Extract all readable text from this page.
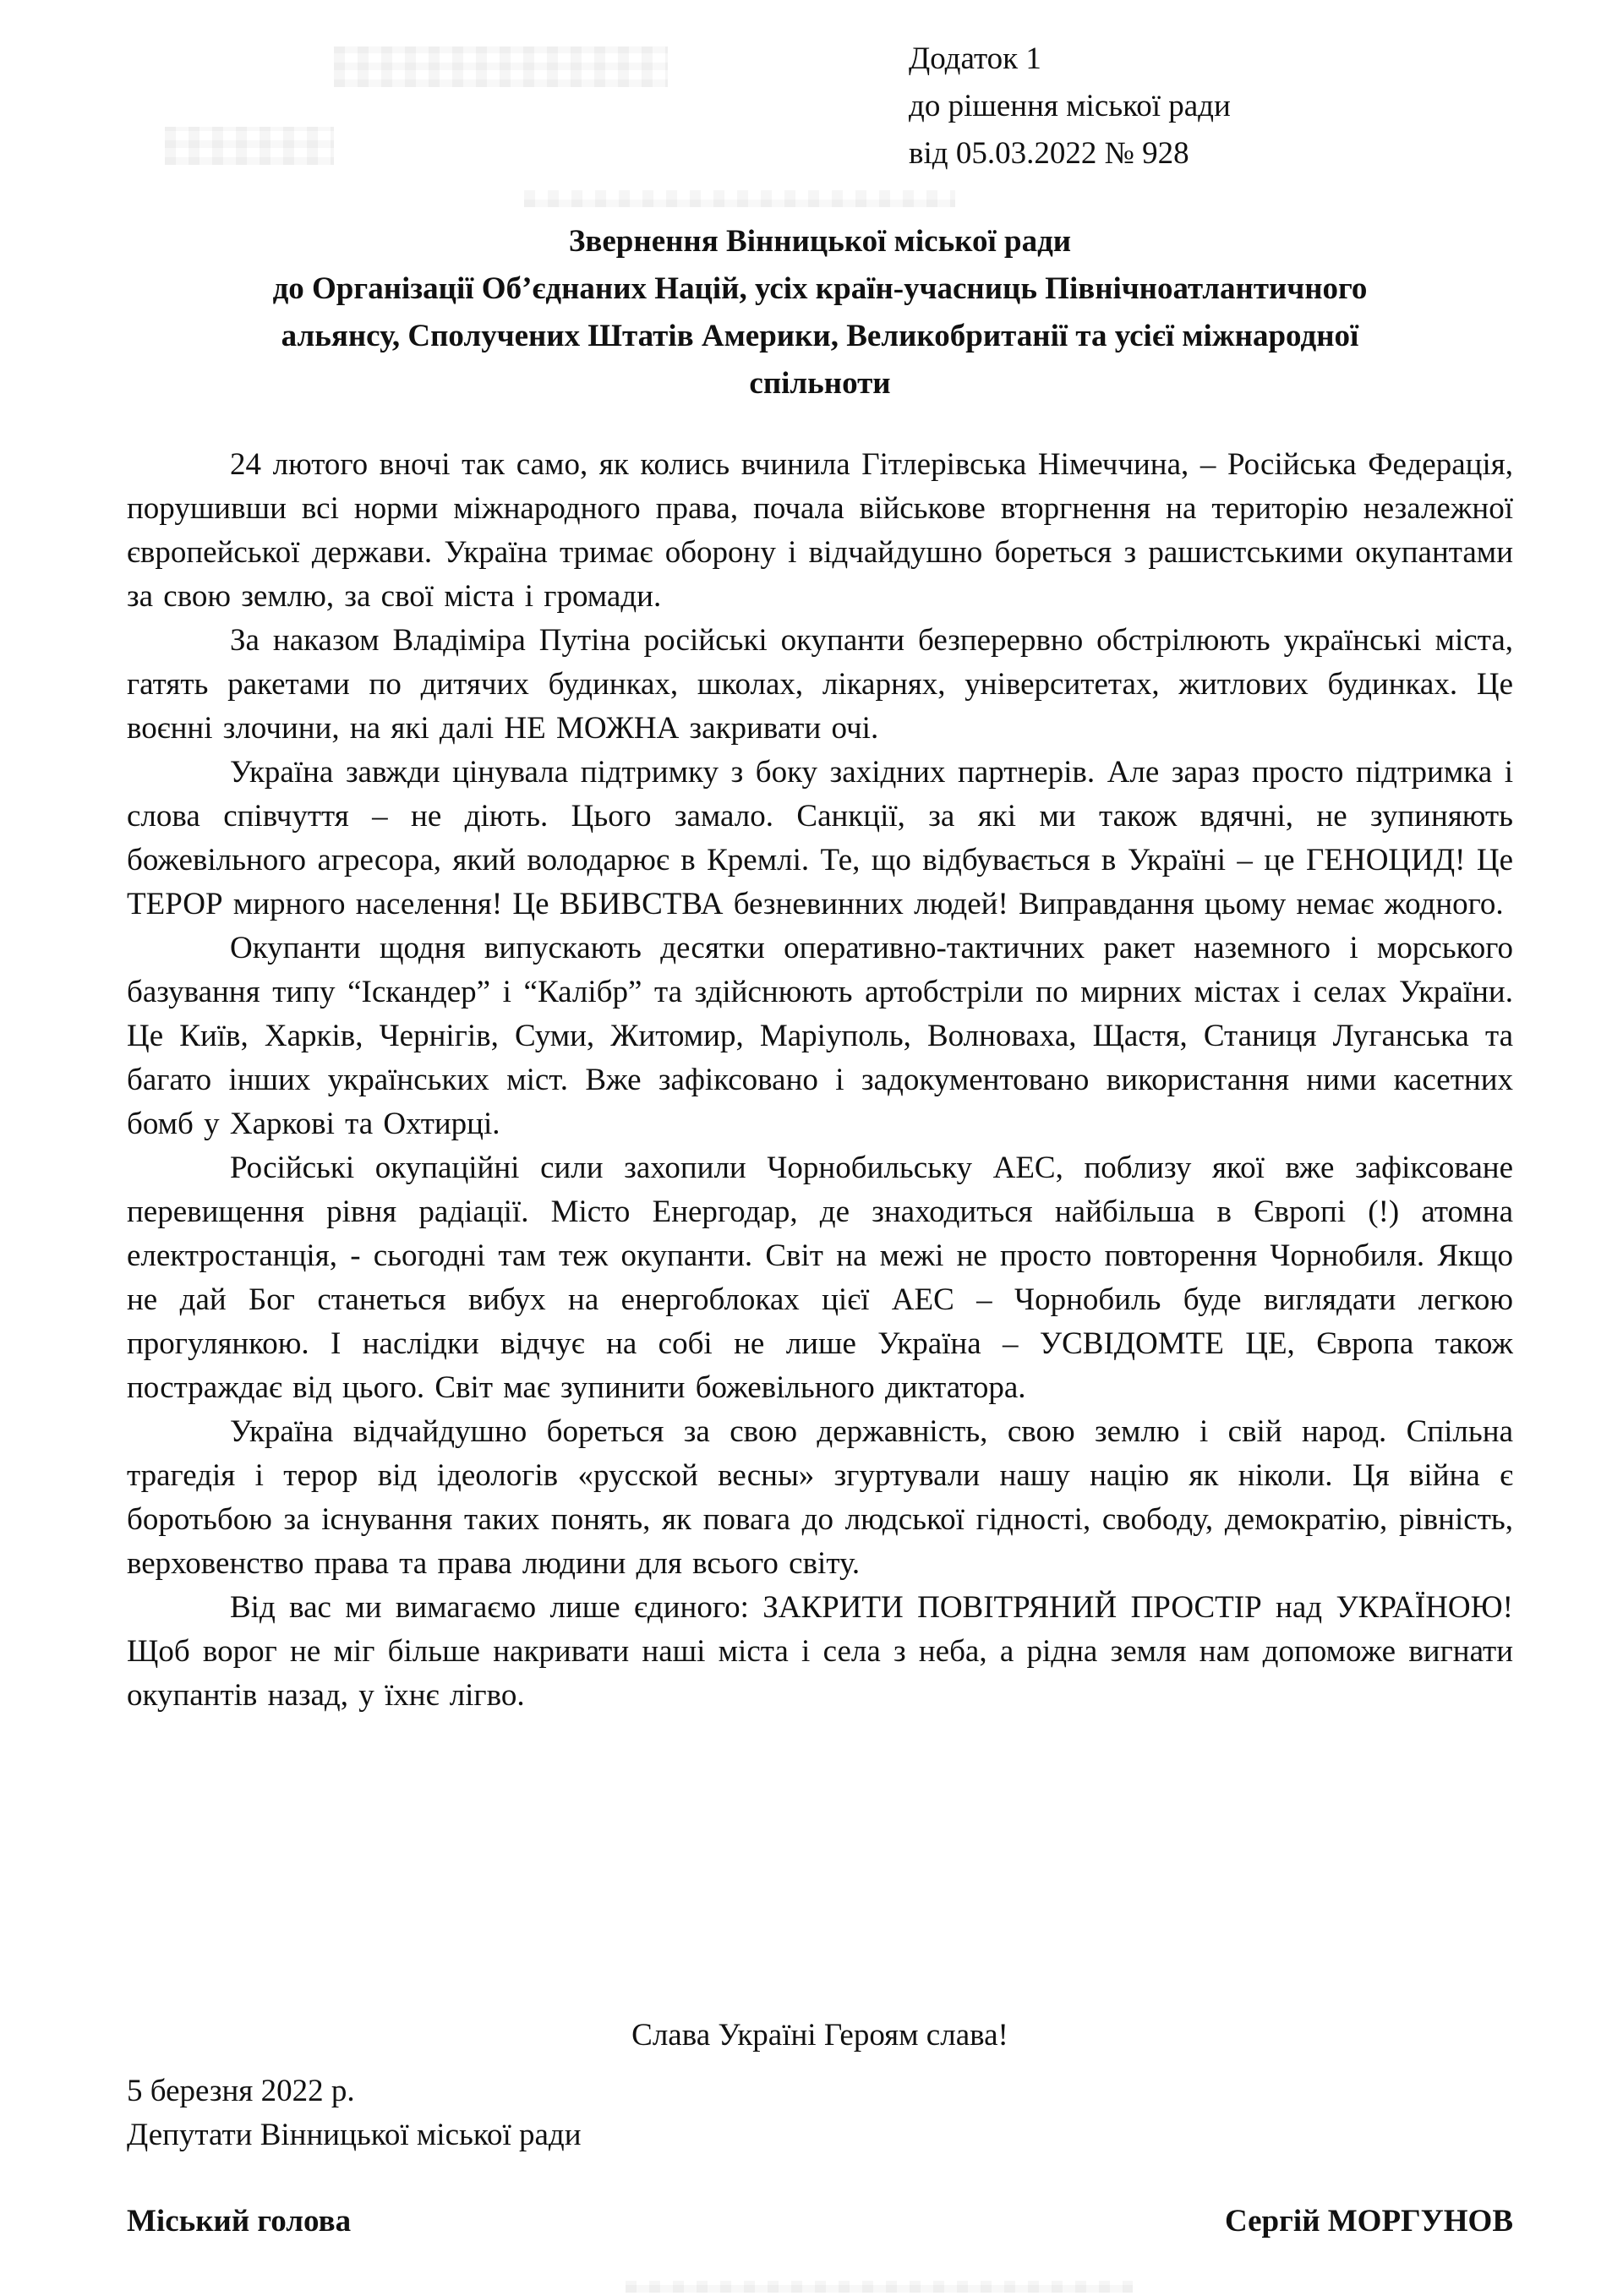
Додаток 1
до рішення міської ради
від 05.03.2022 № 928
Звернення Вінницької міської ради
до Організації Об’єднаних Націй, усіх країн-учасниць Північноатлантичного
альянсу, Сполучених Штатів Америки, Великобританії та усієї міжнародної
спільноти

24 лютого вночі так само, як колись вчинила Гітлерівська Німеччина, – Російська Федерація, порушивши всі норми міжнародного права, почала військове вторгнення на територію незалежної європейської держави. Україна тримає оборону і відчайдушно бореться з рашистськими окупантами за свою землю, за свої міста і громади.

За наказом Владіміра Путіна російські окупанти безперервно обстрілюють українські міста, гатять ракетами по дитячих будинках, школах, лікарнях, університетах, житлових будинках. Це воєнні злочини, на які далі НЕ МОЖНА закривати очі.

Україна завжди цінувала підтримку з боку західних партнерів. Але зараз просто підтримка і слова співчуття – не діють. Цього замало. Санкції, за які ми також вдячні, не зупиняють божевільного агресора, який володарює в Кремлі. Те, що відбувається в Україні – це ГЕНОЦИД! Це ТЕРОР мирного населення! Це ВБИВСТВА безневинних людей! Виправдання цьому немає жодного.

Окупанти щодня випускають десятки оперативно-тактичних ракет наземного і морського базування типу “Іскандер” і “Калібр” та здійснюють артобстріли по мирних містах і селах України. Це Київ, Харків, Чернігів, Суми, Житомир, Маріуполь, Волноваха, Щастя, Станиця Луганська та багато інших українських міст. Вже зафіксовано і задокументовано використання ними касетних бомб у Харкові та Охтирці.

Російські окупаційні сили захопили Чорнобильську АЕС, поблизу якої вже зафіксоване перевищення рівня радіації. Місто Енергодар, де знаходиться найбільша в Європі (!) атомна електростанція, - сьогодні там теж окупанти. Світ на межі не просто повторення Чорнобиля. Якщо не дай Бог станеться вибух на енергоблоках цієї АЕС – Чорнобиль буде виглядати легкою прогулянкою. І наслідки відчує на собі не лише Україна – УСВІДОМТЕ ЦЕ, Європа також постраждає від цього. Світ має зупинити божевільного диктатора.

Україна відчайдушно бореться за свою державність, свою землю і свій народ. Спільна трагедія і терор від ідеологів «русской весны» згуртували нашу націю як ніколи. Ця війна є боротьбою за існування таких понять, як повага до людської гідності, свободу, демократію, рівність, верховенство права та права людини для всього світу.

Від вас ми вимагаємо лише єдиного: ЗАКРИТИ ПОВІТРЯНИЙ ПРОСТІР над УКРАЇНОЮ! Щоб ворог не міг більше накривати наші міста і села з неба, а рідна земля нам допоможе вигнати окупантів назад, у їхнє лігво.

Слава Україні Героям слава!
5 березня 2022 р.
Депутати Вінницької міської ради
Міський голова	Сергій МОРГУНОВ
